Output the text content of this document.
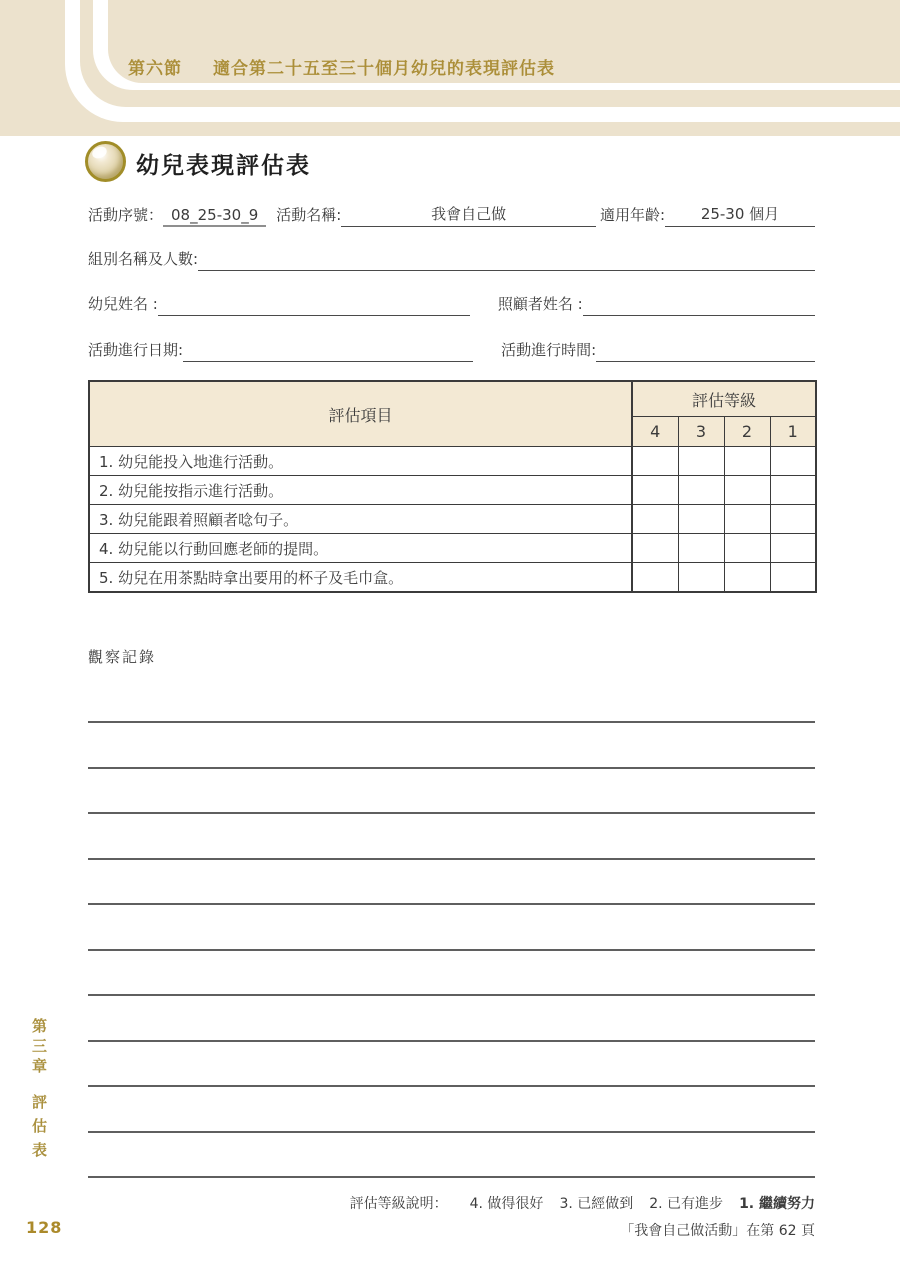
第六節 適合第二十五至三十個月幼兒的表現評估表
幼兒表現評估表
活動序號： 08_25-30_9	活動名稱:	我會自己做	適用年齡:	25-30 個月
組別名稱及人數:
幼兒姓名 :	照顧者姓名 :
活動進行日期:	活動進行時間:
評估項目	評估等級			
	4	3	2	1
1. 幼兒能投入地進行活動。				
2. 幼兒能按指示進行活動。				
3. 幼兒能跟着照顧者唸句子。				
4. 幼兒能以行動回應老師的提問。				
5. 幼兒在用茶點時拿出要用的杯子及毛巾盒。				
觀察記錄
第三章評估表
128
評估等級說明： 4. 做得很好 3. 已經做到 2. 已有進步 1. 繼續努力
「我會自己做活動」在第 62 頁
